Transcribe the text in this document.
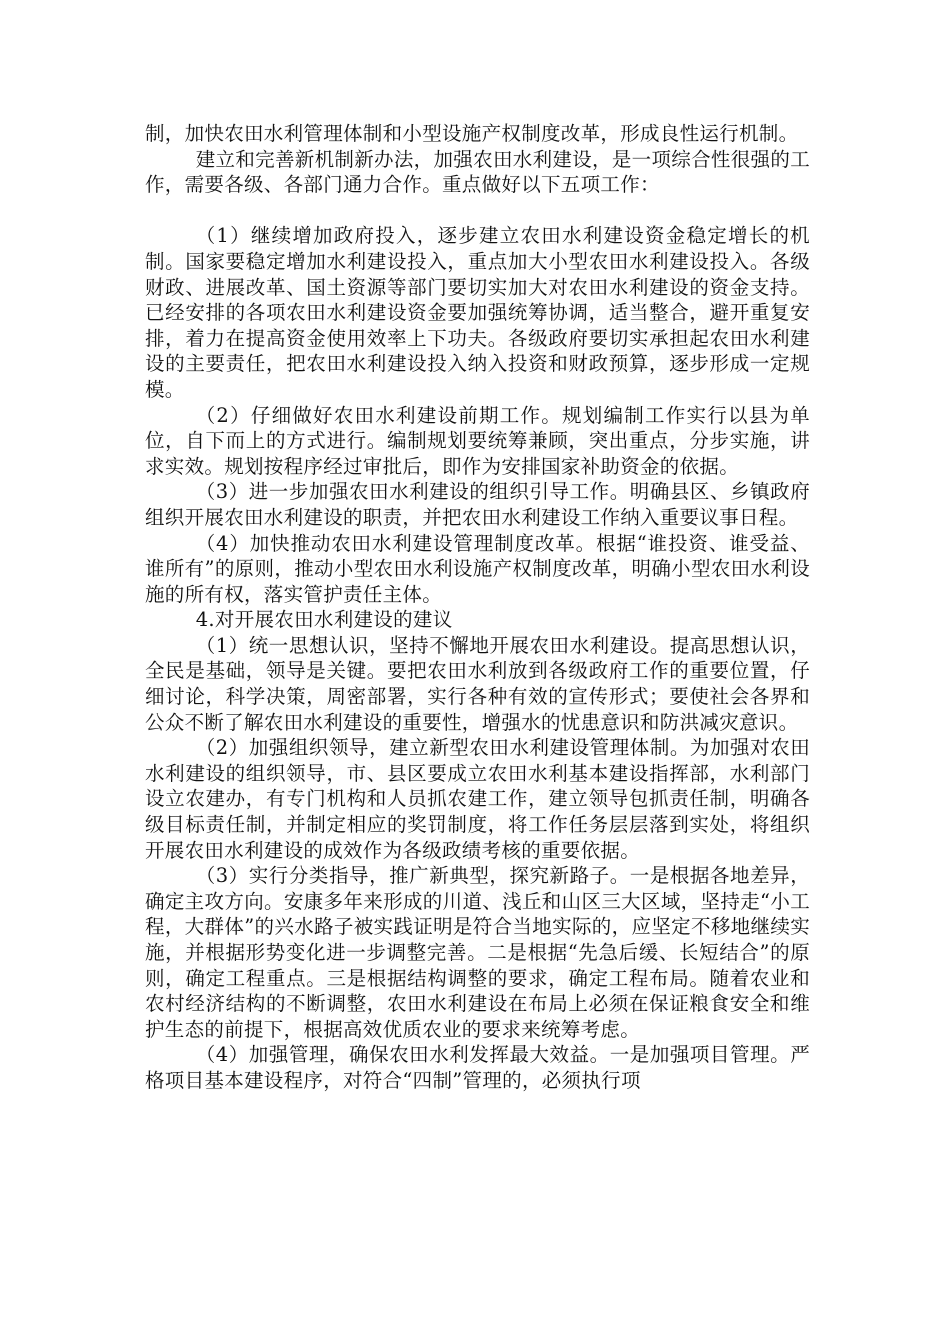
制，加快农田水利管理体制和小型设施产权制度改革，形成良性运行机制。

建立和完善新机制新办法，加强农田水利建设，是一项综合性很强的工作，需要各级、各部门通力合作。重点做好以下五项工作：

（1）继续增加政府投入，逐步建立农田水利建设资金稳定增长的机制。国家要稳定增加水利建设投入，重点加大小型农田水利建设投入。各级财政、进展改革、国土资源等部门要切实加大对农田水利建设的资金支持。已经安排的各项农田水利建设资金要加强统筹协调，适当整合，避开重复安排，着力在提高资金使用效率上下功夫。各级政府要切实承担起农田水利建设的主要责任，把农田水利建设投入纳入投资和财政预算，逐步形成一定规模。

（2）仔细做好农田水利建设前期工作。规划编制工作实行以县为单位，自下而上的方式进行。编制规划要统筹兼顾，突出重点，分步实施，讲求实效。规划按程序经过审批后，即作为安排国家补助资金的依据。

（3）进一步加强农田水利建设的组织引导工作。明确县区、乡镇政府组织开展农田水利建设的职责，并把农田水利建设工作纳入重要议事日程。

（4）加快推动农田水利建设管理制度改革。根据“谁投资、谁受益、谁所有”的原则，推动小型农田水利设施产权制度改革，明确小型农田水利设施的所有权，落实管护责任主体。

4.对开展农田水利建设的建议

（1）统一思想认识，坚持不懈地开展农田水利建设。提高思想认识，全民是基础，领导是关键。要把农田水利放到各级政府工作的重要位置，仔细讨论，科学决策，周密部署，实行各种有效的宣传形式；要使社会各界和公众不断了解农田水利建设的重要性，增强水的忧患意识和防洪减灾意识。

（2）加强组织领导，建立新型农田水利建设管理体制。为加强对农田水利建设的组织领导，市、县区要成立农田水利基本建设指挥部，水利部门设立农建办，有专门机构和人员抓农建工作，建立领导包抓责任制，明确各级目标责任制，并制定相应的奖罚制度，将工作任务层层落到实处，将组织开展农田水利建设的成效作为各级政绩考核的重要依据。

（3）实行分类指导，推广新典型，探究新路子。一是根据各地差异，确定主攻方向。安康多年来形成的川道、浅丘和山区三大区域，坚持走“小工程，大群体”的兴水路子被实践证明是符合当地实际的，应坚定不移地继续实施，并根据形势变化进一步调整完善。二是根据“先急后缓、长短结合”的原则，确定工程重点。三是根据结构调整的要求，确定工程布局。随着农业和农村经济结构的不断调整，农田水利建设在布局上必须在保证粮食安全和维护生态的前提下，根据高效优质农业的要求来统筹考虑。

（4）加强管理，确保农田水利发挥最大效益。一是加强项目管理。严格项目基本建设程序，对符合“四制”管理的，必须执行项
